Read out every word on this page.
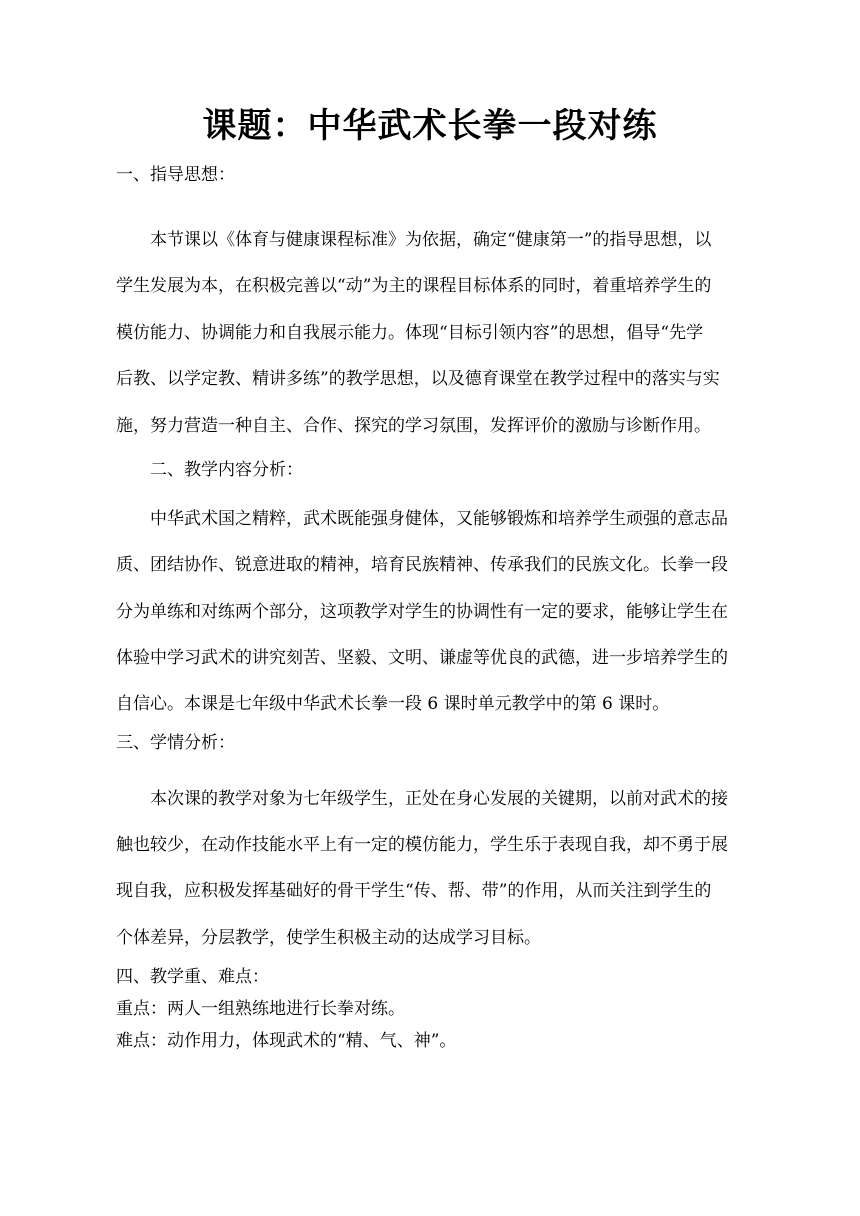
课题：中华武术长拳一段对练
一、指导思想：
本节课以《体育与健康课程标准》为依据，确定“健康第一”的指导思想，以
学生发展为本，在积极完善以“动”为主的课程目标体系的同时，着重培养学生的
模仿能力、协调能力和自我展示能力。体现“目标引领内容”的思想，倡导“先学
后教、以学定教、精讲多练”的教学思想，以及德育课堂在教学过程中的落实与实
施，努力营造一种自主、合作、探究的学习氛围，发挥评价的激励与诊断作用。
二、教学内容分析：
中华武术国之精粹，武术既能强身健体，又能够锻炼和培养学生顽强的意志品
质、团结协作、锐意进取的精神，培育民族精神、传承我们的民族文化。长拳一段
分为单练和对练两个部分，这项教学对学生的协调性有一定的要求，能够让学生在
体验中学习武术的讲究刻苦、坚毅、文明、谦虚等优良的武德，进一步培养学生的
自信心。本课是七年级中华武术长拳一段 6 课时单元教学中的第 6 课时。
三、学情分析：
本次课的教学对象为七年级学生，正处在身心发展的关键期，以前对武术的接
触也较少，在动作技能水平上有一定的模仿能力，学生乐于表现自我，却不勇于展
现自我，应积极发挥基础好的骨干学生“传、帮、带”的作用，从而关注到学生的
个体差异，分层教学，使学生积极主动的达成学习目标。
四、教学重、难点：
重点：两人一组熟练地进行长拳对练。
难点：动作用力，体现武术的“精、气、神”。
